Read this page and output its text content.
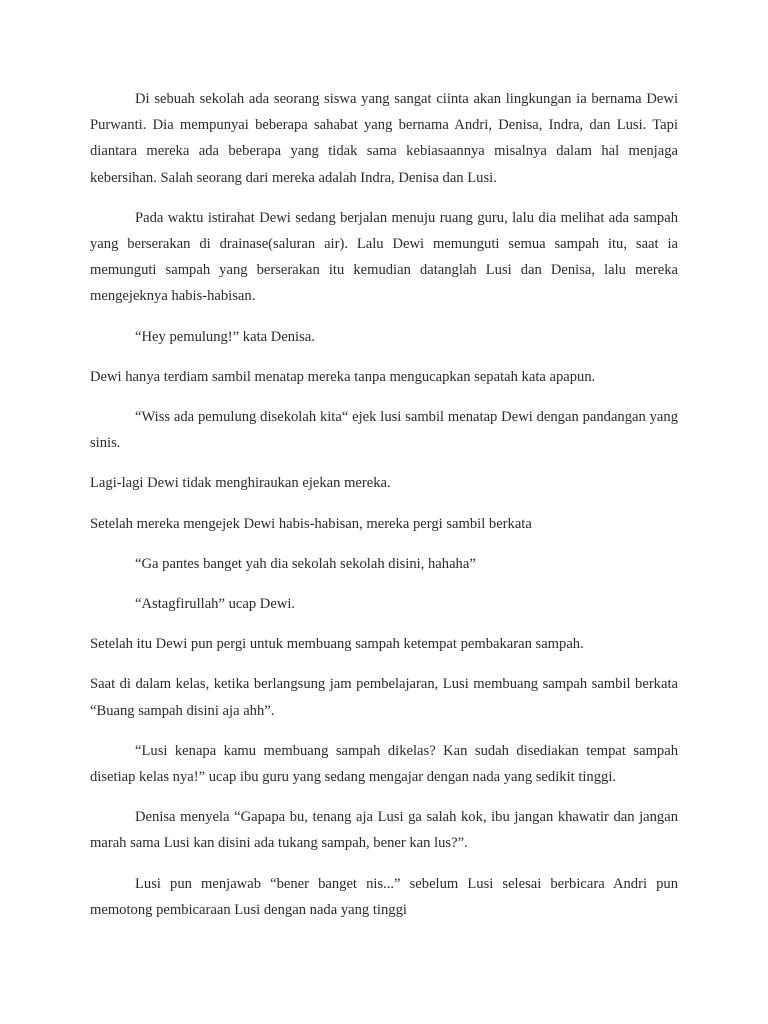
Di sebuah sekolah ada seorang siswa yang sangat ciinta akan lingkungan ia bernama Dewi Purwanti. Dia mempunyai beberapa sahabat yang bernama Andri, Denisa, Indra, dan Lusi. Tapi diantara mereka ada beberapa yang tidak sama kebiasaannya misalnya dalam hal menjaga kebersihan. Salah seorang dari mereka adalah Indra, Denisa dan Lusi.

Pada waktu istirahat Dewi sedang berjalan menuju ruang guru, lalu dia melihat ada sampah yang berserakan di drainase(saluran air). Lalu Dewi memunguti semua sampah itu, saat ia memunguti sampah yang berserakan itu kemudian datanglah Lusi dan Denisa, lalu mereka mengejeknya habis-habisan.

“Hey pemulung!” kata Denisa.

Dewi hanya terdiam sambil menatap mereka tanpa mengucapkan sepatah kata apapun.

“Wiss ada pemulung disekolah kita“ ejek lusi sambil menatap Dewi dengan pandangan yang sinis.

Lagi-lagi Dewi tidak menghiraukan ejekan mereka.

Setelah mereka mengejek Dewi habis-habisan, mereka pergi sambil berkata

“Ga pantes banget yah dia sekolah sekolah disini, hahaha”

“Astagfirullah” ucap Dewi.

Setelah itu Dewi pun pergi untuk membuang sampah ketempat pembakaran sampah.

Saat di dalam kelas, ketika berlangsung jam pembelajaran, Lusi membuang sampah sambil berkata “Buang sampah disini aja ahh”.

“Lusi kenapa kamu membuang sampah dikelas? Kan sudah disediakan tempat sampah disetiap kelas nya!” ucap ibu guru yang sedang mengajar dengan nada yang sedikit tinggi.

Denisa menyela “Gapapa bu, tenang aja Lusi ga salah kok, ibu jangan khawatir dan jangan marah sama Lusi kan disini ada tukang sampah, bener kan lus?”.

Lusi pun menjawab “bener banget nis...” sebelum Lusi selesai berbicara Andri pun memotong pembicaraan Lusi dengan nada yang tinggi
